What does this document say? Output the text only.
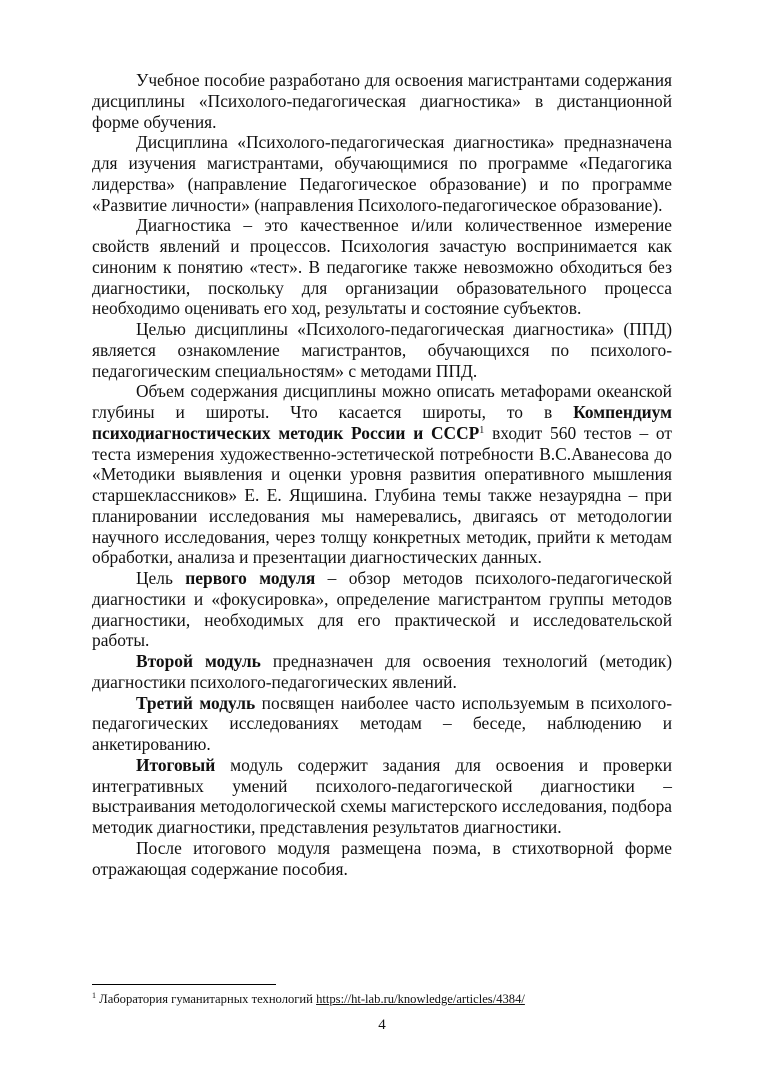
Учебное пособие разработано для освоения магистрантами содержания дисциплины «Психолого-педагогическая диагностика» в дистанционной форме обучения.

Дисциплина «Психолого-педагогическая диагностика» предназначена для изучения магистрантами, обучающимися по программе «Педагогика лидерства» (направление Педагогическое образование) и по программе «Развитие личности» (направления Психолого-педагогическое образование).

Диагностика – это качественное и/или количественное измерение свойств явлений и процессов. Психология зачастую воспринимается как синоним к понятию «тест». В педагогике также невозможно обходиться без диагностики, поскольку для организации образовательного процесса необходимо оценивать его ход, результаты и состояние субъектов.

Целью дисциплины «Психолого-педагогическая диагностика» (ППД) является ознакомление магистрантов, обучающихся по психолого-педагогическим специальностям» с методами ППД.

Объем содержания дисциплины можно описать метафорами океанской глубины и широты. Что касается широты, то в Компендиум психодиагностических методик России и СССР$^1$ входит 560 тестов – от теста измерения художественно-эстетической потребности В.С.Аванесова до «Методики выявления и оценки уровня развития оперативного мышления старшеклассников» Е. Е. Ящишина. Глубина темы также незаурядна – при планировании исследования мы намеревались, двигаясь от методологии научного исследования, через толщу конкретных методик, прийти к методам обработки, анализа и презентации диагностических данных.

Цель первого модуля – обзор методов психолого-педагогической диагностики и «фокусировка», определение магистрантом группы методов диагностики, необходимых для его практической и исследовательской работы.

Второй модуль предназначен для освоения технологий (методик) диагностики психолого-педагогических явлений.

Третий модуль посвящен наиболее часто используемым в психолого-педагогических исследованиях методам – беседе, наблюдению и анкетированию.

Итоговый модуль содержит задания для освоения и проверки интегративных умений психолого-педагогической диагностики – выстраивания методологической схемы магистерского исследования, подбора методик диагностики, представления результатов диагностики.

После итогового модуля размещена поэма, в стихотворной форме отражающая содержание пособия.

$^1$ Лаборатория гуманитарных технологий https://ht-lab.ru/knowledge/articles/4384/
4
